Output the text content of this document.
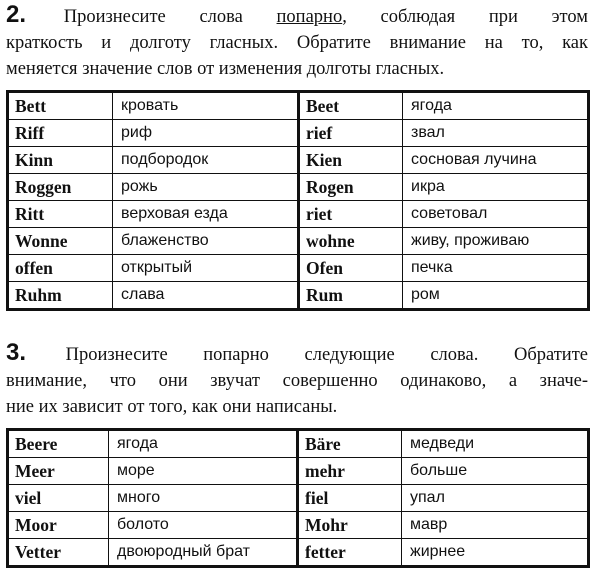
2. Произнесите слова попарно, соблюдая при этом
краткость и долготу гласных. Обратите внимание на то, как
меняется значение слов от изменения долготы гласных.

Bett	кровать	Beet	ягода
Riff	риф	rief	звал
Kinn	подбородок	Kien	сосновая лучина
Roggen	рожь	Rogen	икра
Ritt	верховая езда	riet	советовал
Wonne	блаженство	wohne	живу, проживаю
offen	открытый	Ofen	печка
Ruhm	слава	Rum	ром

3. Произнесите попарно следующие слова. Обратите
внимание, что они звучат совершенно одинаково, а значе-
ние их зависит от того, как они написаны.

Beere	ягода	Bäre	медведи
Meer	море	mehr	больше
viel	много	fiel	упал
Moor	болото	Mohr	мавр
Vetter	двоюродный брат	fetter	жирнее
